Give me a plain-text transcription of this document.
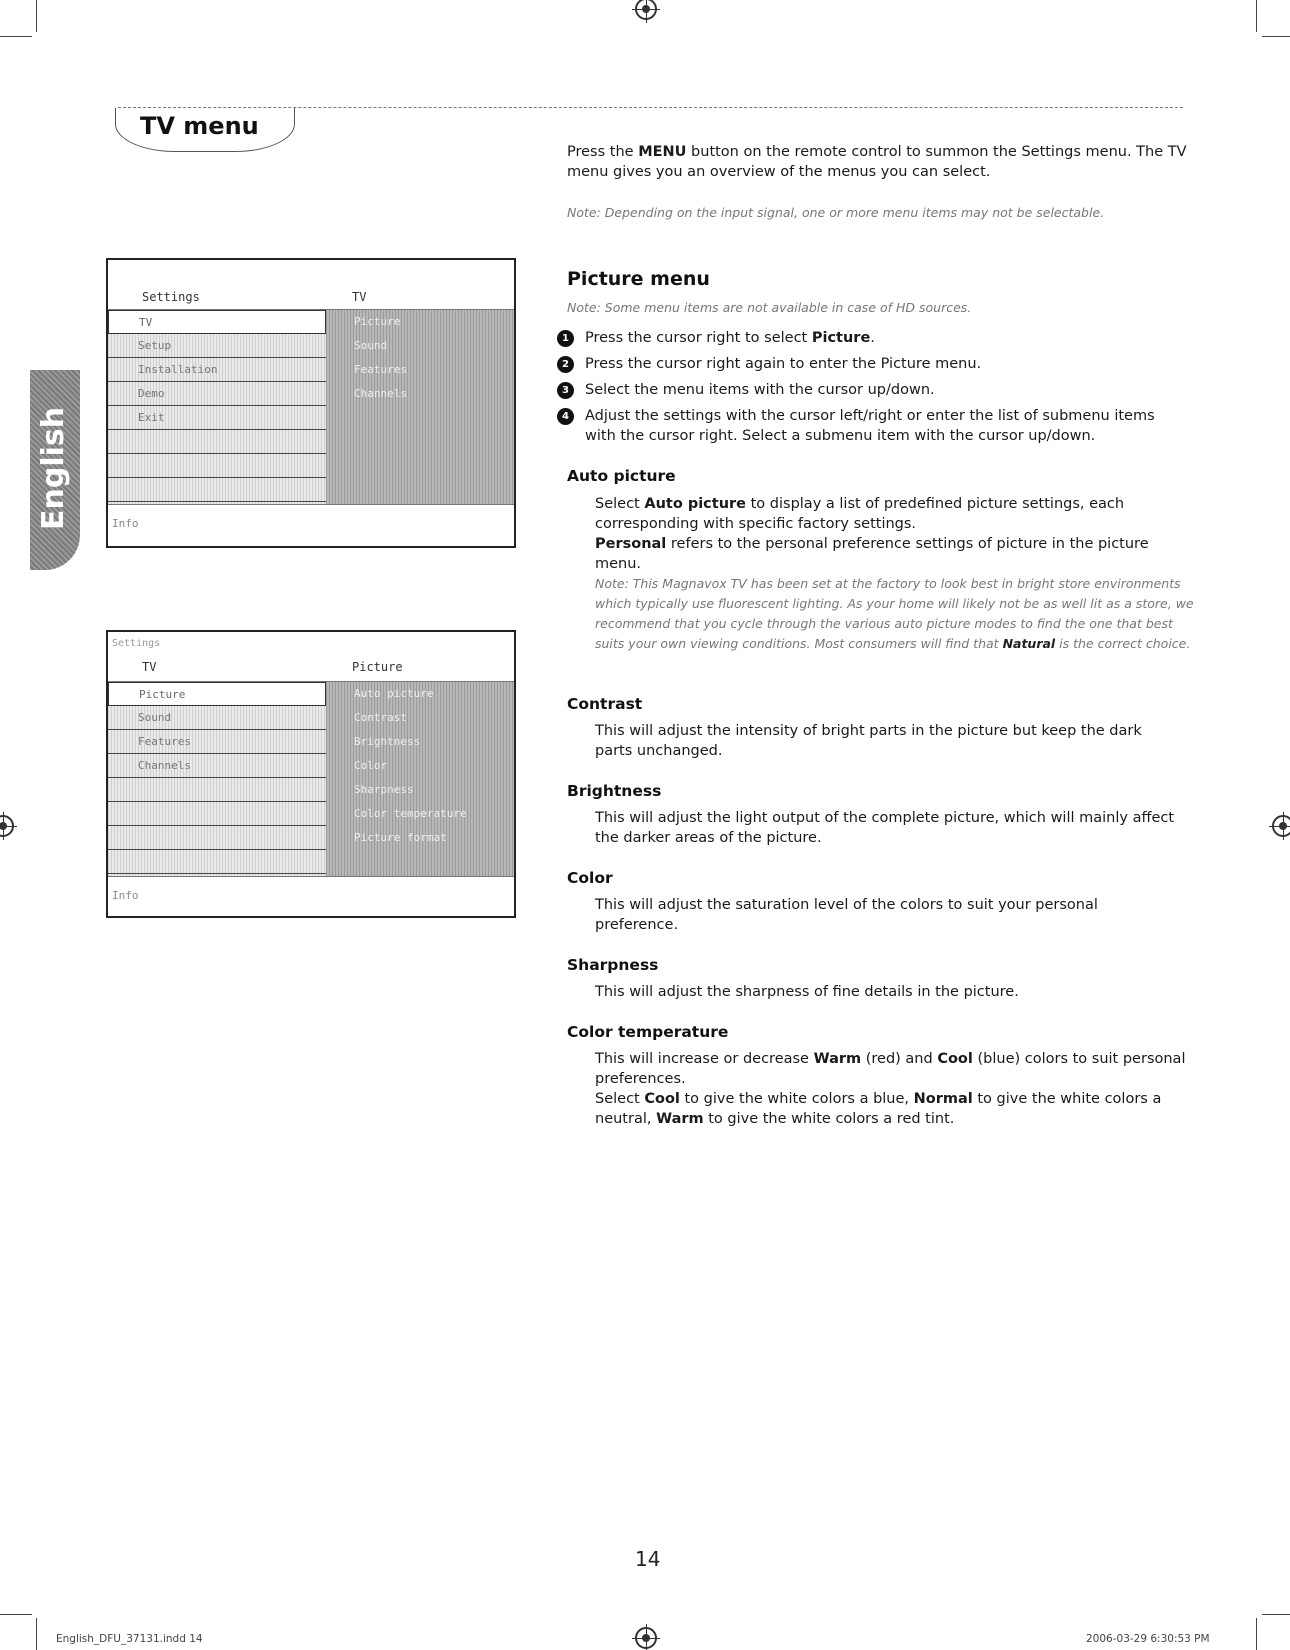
TV menu
Press the MENU button on the remote control to summon the Settings menu. The TV menu gives you an overview of the menus you can select.
Note: Depending on the input signal, one or more menu items may not be selectable.
English
Settings	TV
TV
Setup
Installation
Demo
Exit
Picture
Sound
Features
Channels
Info
Settings
TV	Picture
Picture
Sound
Features
Channels
Auto picture
Contrast
Brightness
Color
Sharpness
Color temperature
Picture format
Info
Picture menu
Note: Some menu items are not available in case of HD sources.
1	Press the cursor right to select Picture.
2	Press the cursor right again to enter the Picture menu.
3	Select the menu items with the cursor up/down.
4	Adjust the settings with the cursor left/right or enter the list of submenu items with the cursor right. Select a submenu item with the cursor up/down.
Auto picture
Select Auto picture to display a list of predefined picture settings, each corresponding with specific factory settings.
Personal refers to the personal preference settings of picture in the picture menu.
Note: This Magnavox TV has been set at the factory to look best in bright store environments which typically use fluorescent lighting. As your home will likely not be as well lit as a store, we recommend that you cycle through the various auto picture modes to find the one that best suits your own viewing conditions. Most consumers will find that Natural is the correct choice.
Contrast
This will adjust the intensity of bright parts in the picture but keep the dark parts unchanged.
Brightness
This will adjust the light output of the complete picture, which will mainly affect the darker areas of the picture.
Color
This will adjust the saturation level of the colors to suit your personal preference.
Sharpness
This will adjust the sharpness of fine details in the picture.
Color temperature
This will increase or decrease Warm (red) and Cool (blue) colors to suit personal preferences.
Select Cool to give the white colors a blue, Normal to give the white colors a neutral, Warm to give the white colors a red tint.
14
English_DFU_37131.indd 14	2006-03-29 6:30:53 PM
